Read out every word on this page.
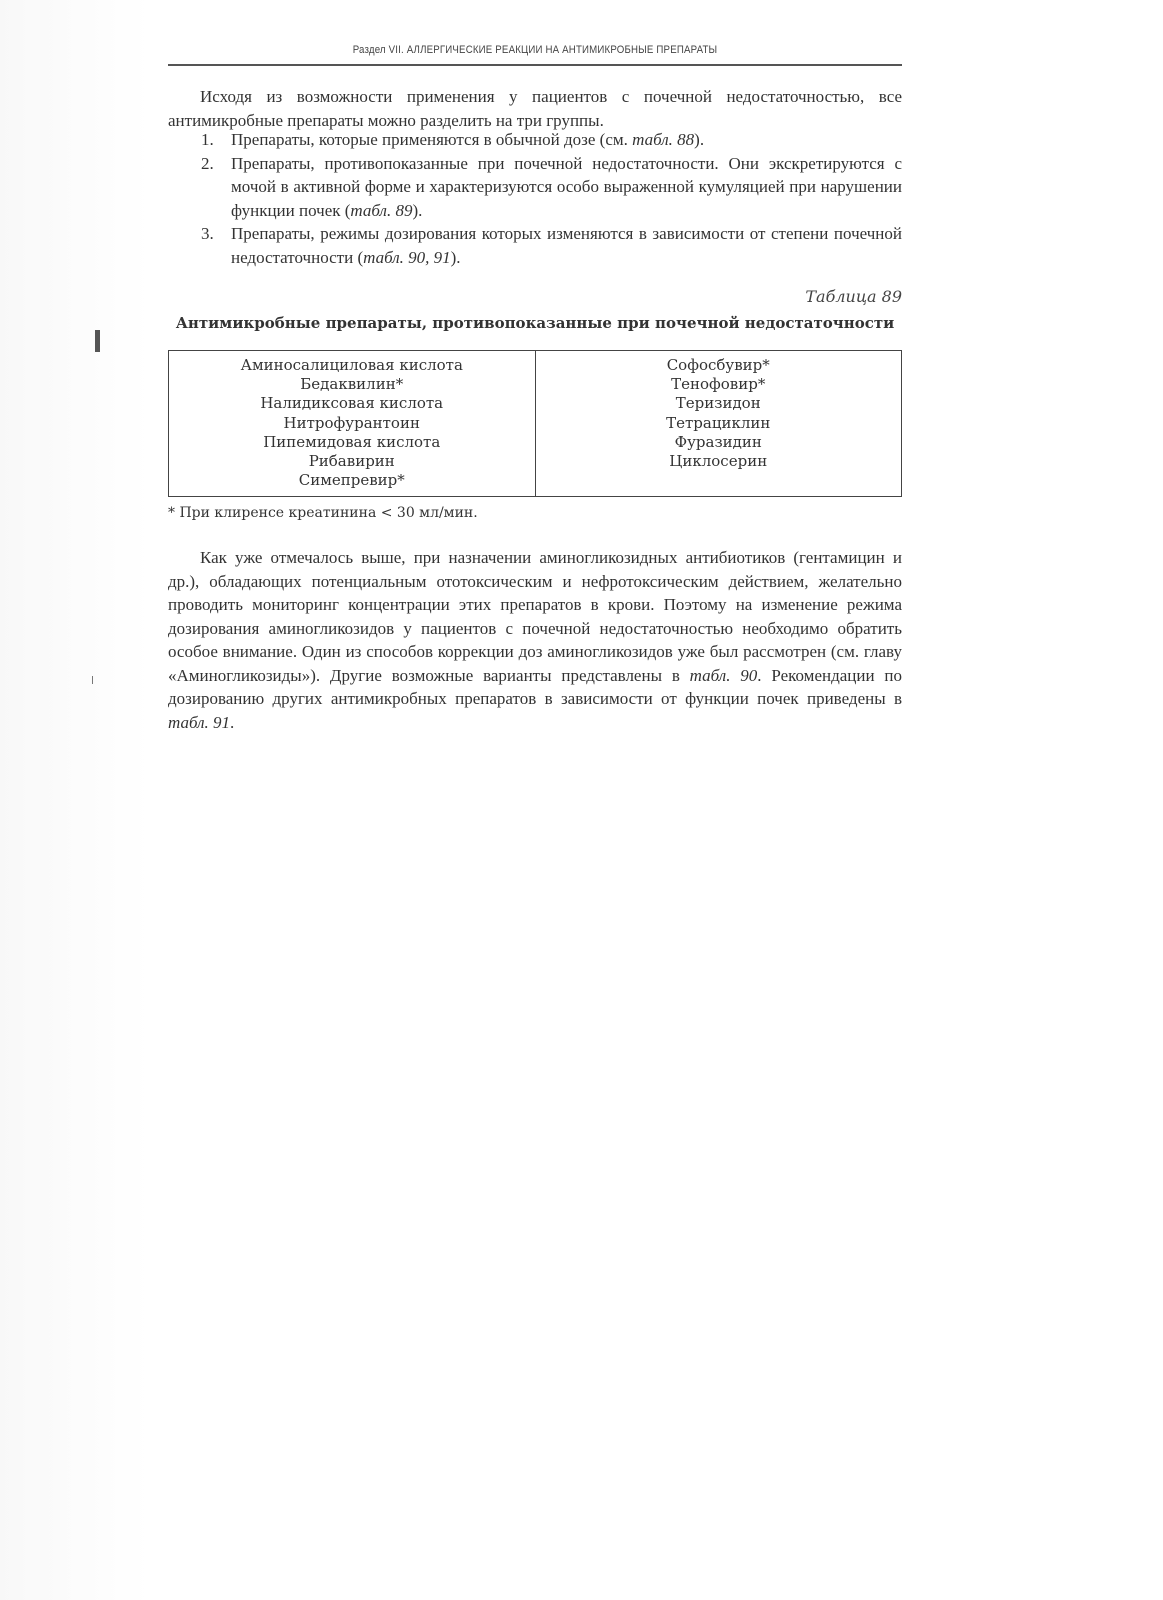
Раздел VII. АЛЛЕРГИЧЕСКИЕ РЕАКЦИИ НА АНТИМИКРОБНЫЕ ПРЕПАРАТЫ

Исходя из возможности применения у пациентов с почечной недостаточностью, все антимикробные препараты можно разделить на три группы.

1. Препараты, которые применяются в обычной дозе (см. табл. 88).
2. Препараты, противопоказанные при почечной недостаточности. Они экскретируются с мочой в активной форме и характеризуются особо выраженной кумуляцией при нарушении функции почек (табл. 89).
3. Препараты, режимы дозирования которых изменяются в зависимости от степени почечной недостаточности (табл. 90, 91).
Таблица 89
Антимикробные препараты, противопоказанные при почечной недостаточности
Аминосалициловая кислота
Бедаквилин*
Налидиксовая кислота
Нитрофурантоин
Пипемидовая кислота
Рибавирин
Симепревир*
Софосбувир*
Тенофовир*
Теризидон
Тетрациклин
Фуразидин
Циклосерин
* При клиренсе креатинина < 30 мл/мин.

Как уже отмечалось выше, при назначении аминогликозидных антибиотиков (гентамицин и др.), обладающих потенциальным ототоксическим и нефротоксическим действием, желательно проводить мониторинг концентрации этих препаратов в крови. Поэтому на изменение режима дозирования аминогликозидов у пациентов с почечной недостаточностью необходимо обратить особое внимание. Один из способов коррекции доз аминогликозидов уже был рассмотрен (см. главу «Аминогликозиды»). Другие возможные варианты представлены в табл. 90. Рекомендации по дозированию других антимикробных препаратов в зависимости от функции почек приведены в табл. 91.
